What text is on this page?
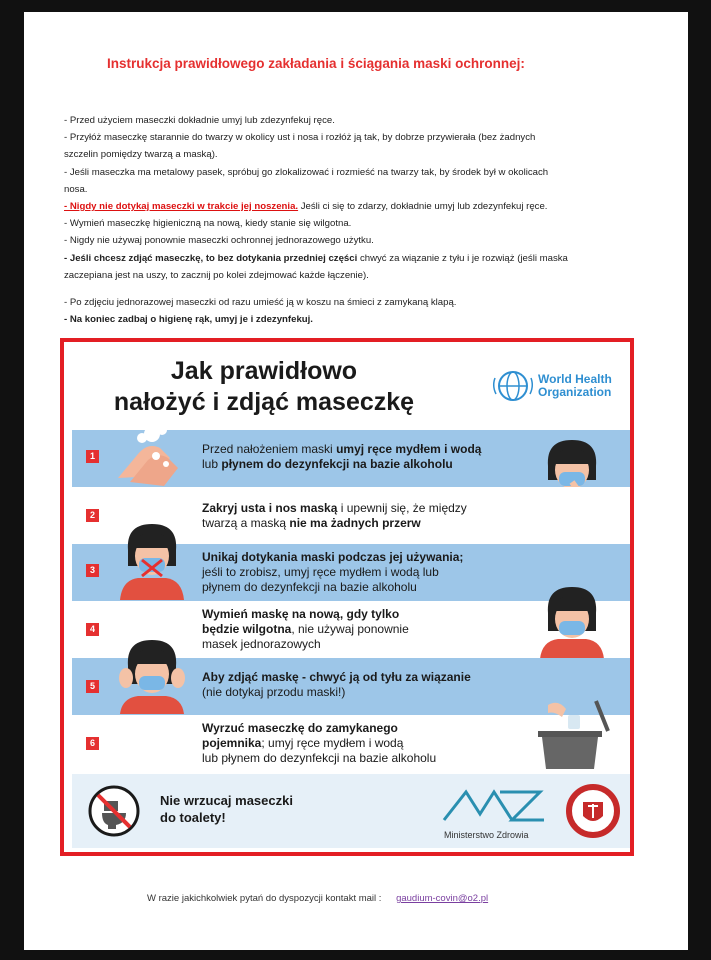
Instrukcja prawidłowego zakładania i ściągania maski ochronnej:
- Przed użyciem maseczki dokładnie umyj lub zdezynfekuj ręce.
- Przyłóż maseczkę starannie do twarzy w okolicy ust i nosa i rozłóż ją tak, by dobrze przywierała (bez żadnych
szczelin pomiędzy twarzą a maską).
- Jeśli maseczka ma metalowy pasek, spróbuj go zlokalizować i rozmieść na twarzy tak, by środek był w okolicach
nosa.
- Nigdy nie dotykaj maseczki w trakcie jej noszenia. Jeśli ci się to zdarzy, dokładnie umyj lub zdezynfekuj ręce.
- Wymień maseczkę higieniczną na nową, kiedy stanie się wilgotna.
- Nigdy nie używaj ponownie maseczki ochronnej jednorazowego użytku.
- Jeśli chcesz zdjąć maseczkę, to bez dotykania przedniej części chwyć za wiązanie z tyłu i je rozwiąż (jeśli maska
zaczepiana jest na uszy, to zacznij po kolei zdejmować każde łączenie).
- Po zdjęciu jednorazowej maseczki od razu umieść ją w koszu na śmieci z zamykaną klapą.
- Na koniec zadbaj o higienę rąk, umyj je i zdezynfekuj.
Jak prawidłowo
nałożyć i zdjąć maseczkę
World Health
Organization
1	Przed nałożeniem maski umyj ręce mydłem i wodą
lub płynem do dezynfekcji na bazie alkoholu
2	Zakryj usta i nos maską i upewnij się, że między
twarzą a maską nie ma żadnych przerw
3
Unikaj dotykania maski podczas jej używania;
jeśli to zrobisz, umyj ręce mydłem i wodą lub
płynem do dezynfekcji na bazie alkoholu
4
Wymień maskę na nową, gdy tylko
będzie wilgotna, nie używaj ponownie
masek jednorazowych
5
Aby zdjąć maskę - chwyć ją od tyłu za wiązanie
(nie dotykaj przodu maski!)
6
Wyrzuć maseczkę do zamykanego
pojemnika; umyj ręce mydłem i wodą
lub płynem do dezynfekcji na bazie alkoholu
Nie wrzucaj maseczki
do toalety!
Ministerstwo Zdrowia
W razie jakichkolwiek pytań do dyspozycji kontakt mail : gaudium-covin@o2.pl
